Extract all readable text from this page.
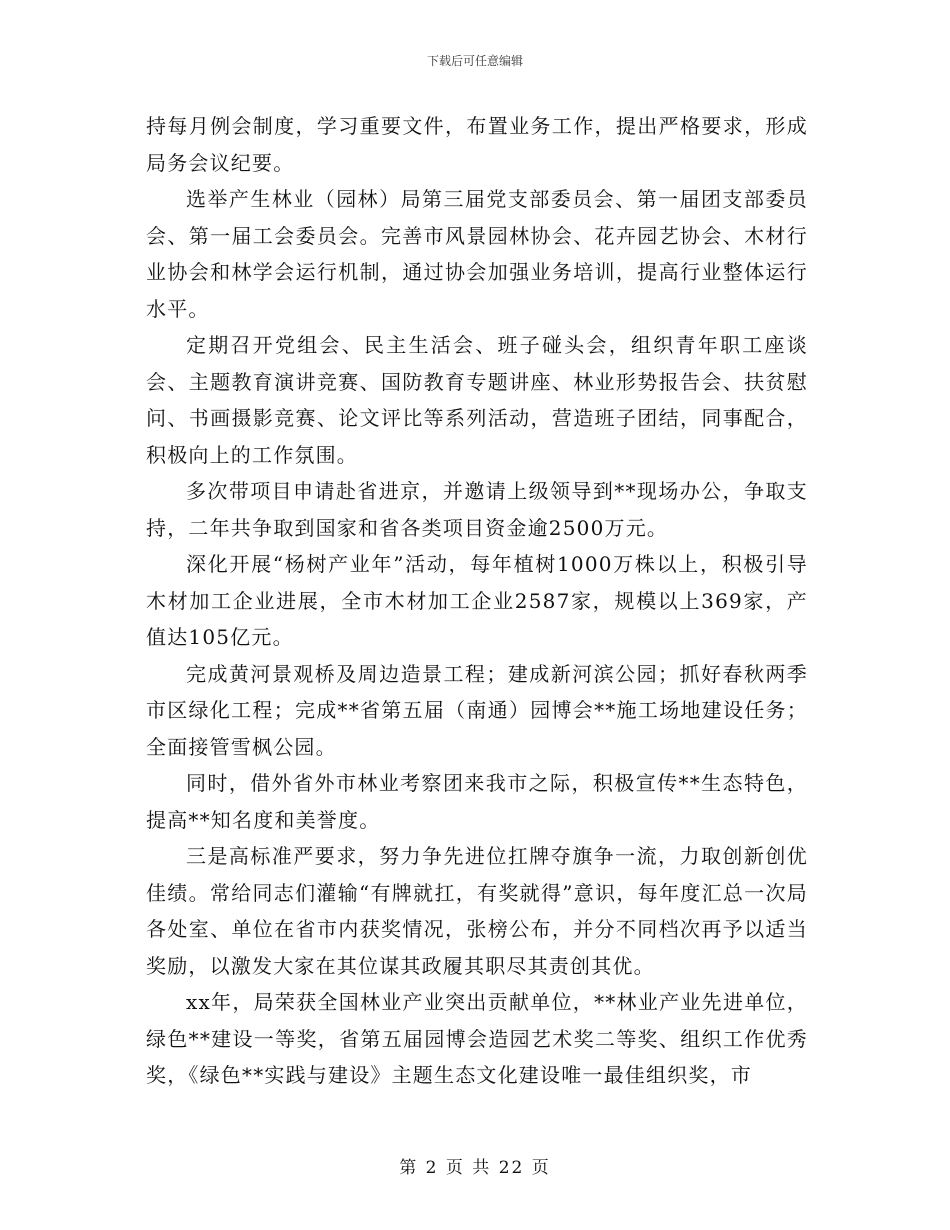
下载后可任意编辑

持每月例会制度，学习重要文件，布置业务工作，提出严格要求，形成局务会议纪要。

选举产生林业（园林）局第三届党支部委员会、第一届团支部委员会、第一届工会委员会。完善市风景园林协会、花卉园艺协会、木材行业协会和林学会运行机制，通过协会加强业务培训，提高行业整体运行水平。

定期召开党组会、民主生活会、班子碰头会，组织青年职工座谈会、主题教育演讲竞赛、国防教育专题讲座、林业形势报告会、扶贫慰问、书画摄影竞赛、论文评比等系列活动，营造班子团结，同事配合，积极向上的工作氛围。

多次带项目申请赴省进京，并邀请上级领导到**现场办公，争取支持，二年共争取到国家和省各类项目资金逾2500万元。

深化开展“杨树产业年”活动，每年植树1000万株以上，积极引导木材加工企业进展，全市木材加工企业2587家，规模以上369家，产值达105亿元。

完成黄河景观桥及周边造景工程；建成新河滨公园；抓好春秋两季市区绿化工程；完成**省第五届（南通）园博会**施工场地建设任务；全面接管雪枫公园。

同时，借外省外市林业考察团来我市之际，积极宣传**生态特色，提高**知名度和美誉度。

三是高标准严要求，努力争先进位扛牌夺旗争一流，力取创新创优佳绩。常给同志们灌输“有牌就扛，有奖就得”意识，每年度汇总一次局各处室、单位在省市内获奖情况，张榜公布，并分不同档次再予以适当奖励，以激发大家在其位谋其政履其职尽其责创其优。

xx年，局荣获全国林业产业突出贡献单位，**林业产业先进单位，绿色**建设一等奖，省第五届园博会造园艺术奖二等奖、组织工作优秀奖，《绿色**实践与建设》主题生态文化建设唯一最佳组织奖，市

第 2 页 共 22 页
